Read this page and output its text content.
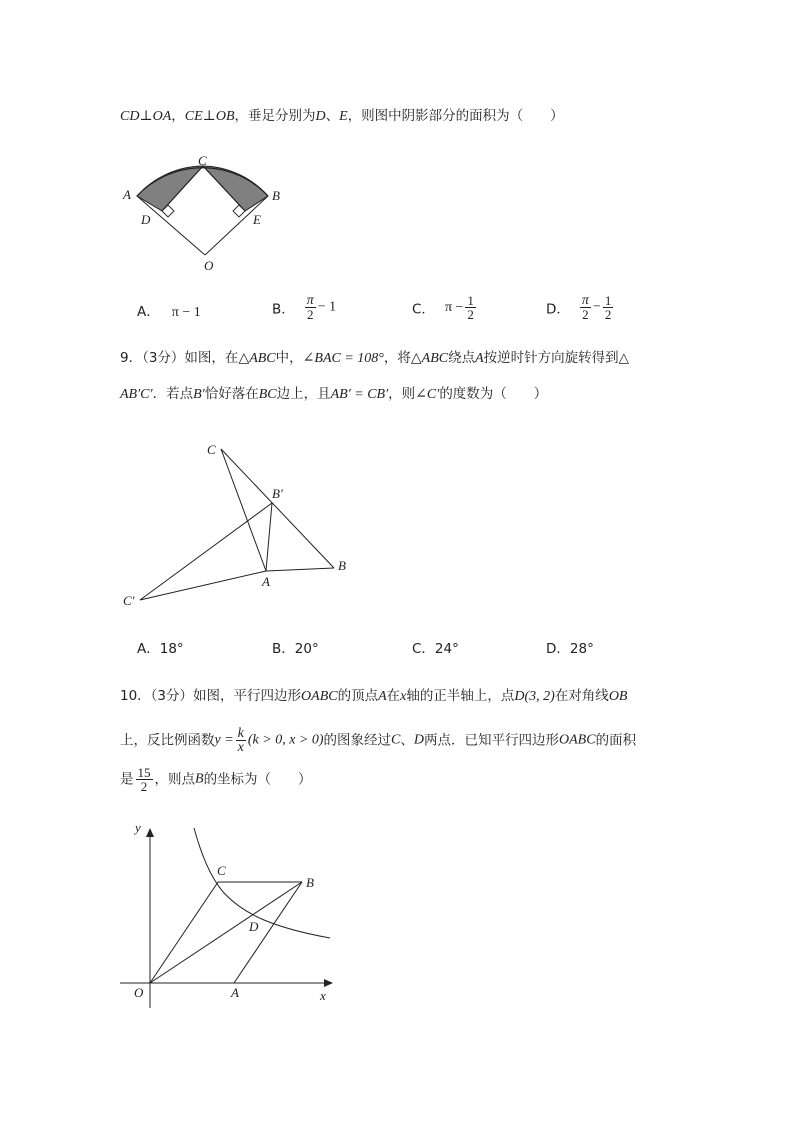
CD⊥OA，CE⊥OB，垂足分别为D、E，则图中阴影部分的面积为（　　）
C
A	B
D	E
O
A． π − 1	B． $\frac{\pi}{2} - 1$	C． $\pi - \frac{1}{2}$	D． $\frac{\pi}{2} - \frac{1}{2}$
9．（3分）如图，在△ABC中，∠BAC = 108°，将△ABC绕点A按逆时针方向旋转得到△
AB′C′．若点B′恰好落在BC边上，且AB′ = CB′，则∠C′的度数为（　　）
C
B′
B
A
C′
A．18°	B．20°	C．24°	D．28°
10．（3分）如图，平行四边形OABC的顶点A在x轴的正半轴上，点D(3, 2)在对角线OB
上，反比例函数$y = \frac{k}{x} (k > 0$, x > 0)的图象经过C、D两点．已知平行四边形OABC的面积
是 $\frac{15}{2}$ ，则点B的坐标为（　　）
y
x
O	A
C
B
D
